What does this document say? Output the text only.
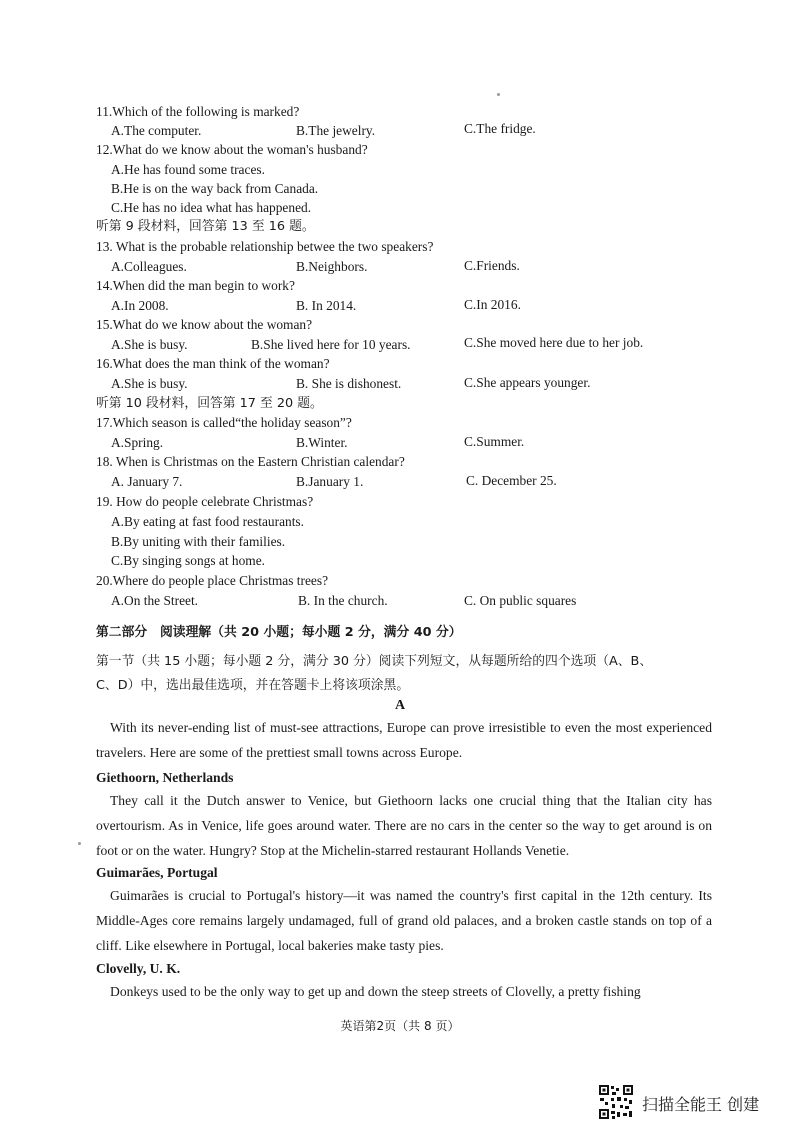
11.Which of the following is marked?
A.The computer.	B.The jewelry.	C.The fridge.
12.What do we know about the woman's husband?
A.He has found some traces.
B.He is on the way back from Canada.
C.He has no idea what has happened.
听第 9 段材料，回答第 13 至 16 题。
13. What is the probable relationship betwee the two speakers?
A.Colleagues.	B.Neighbors.	C.Friends.
14.When did the man begin to work?
A.In 2008.	B. In 2014.	C.In 2016.
15.What do we know about the woman?
A.She is busy.	B.She lived here for 10 years.	C.She moved here due to her job.
16.What does the man think of the woman?
A.She is busy.	B. She is dishonest.	C.She appears younger.
听第 10 段材料，回答第 17 至 20 题。
17.Which season is called“the holiday season”?
A.Spring.	B.Winter.	C.Summer.
18. When is Christmas on the Eastern Christian calendar?
A. January 7.	B.January 1.	C. December 25.
19. How do people celebrate Christmas?
A.By eating at fast food restaurants.
B.By uniting with their families.
C.By singing songs at home.
20.Where do people place Christmas trees?
A.On the Street.	B. In the church.	C. On public squares
第二部分　阅读理解（共 20 小题；每小题 2 分，满分 40 分）
第一节（共 15 小题；每小题 2 分，满分 30 分）阅读下列短文，从每题所给的四个选项（A、B、
C、D）中，选出最佳选项，并在答题卡上将该项涂黑。
A

With its never-ending list of must-see attractions, Europe can prove irresistible to even the most experienced travelers. Here are some of the prettiest small towns across Europe.

Giethoorn, Netherlands

They call it the Dutch answer to Venice, but Giethoorn lacks one crucial thing that the Italian city has overtourism. As in Venice, life goes around water. There are no cars in the center so the way to get around is on foot or on the water. Hungry? Stop at the Michelin-starred restaurant Hollands Venetie.

Guimarães, Portugal

Guimarães is crucial to Portugal's history—it was named the country's first capital in the 12th century. Its Middle-Ages core remains largely undamaged, full of grand old palaces, and a broken castle stands on top of a cliff. Like elsewhere in Portugal, local bakeries make tasty pies.

Clovelly, U. K.

Donkeys used to be the only way to get up and down the steep streets of Clovelly, a pretty fishing

英语第2页（共 8 页）
扫描全能王 创建
